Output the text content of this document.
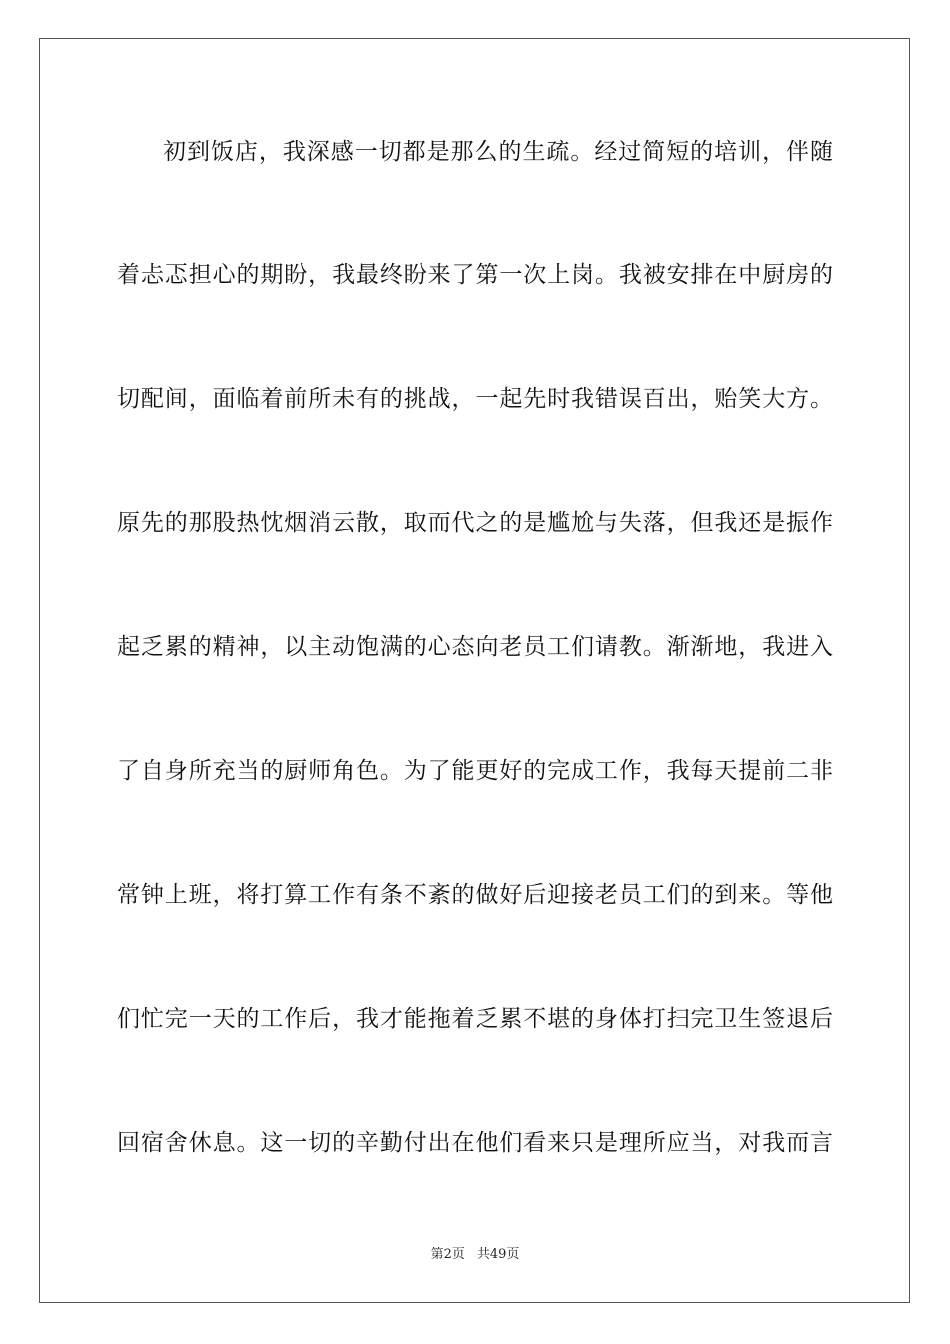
初到饭店，我深感一切都是那么的生疏。经过简短的培训，伴随
着忐忑担心的期盼，我最终盼来了第一次上岗。我被安排在中厨房的
切配间，面临着前所未有的挑战，一起先时我错误百出，贻笑大方。
原先的那股热忱烟消云散，取而代之的是尴尬与失落，但我还是振作
起乏累的精神，以主动饱满的心态向老员工们请教。渐渐地，我进入
了自身所充当的厨师角色。为了能更好的完成工作，我每天提前二非
常钟上班，将打算工作有条不紊的做好后迎接老员工们的到来。等他
们忙完一天的工作后，我才能拖着乏累不堪的身体打扫完卫生签退后
回宿舍休息。这一切的辛勤付出在他们看来只是理所应当，对我而言
第2页 共49页
